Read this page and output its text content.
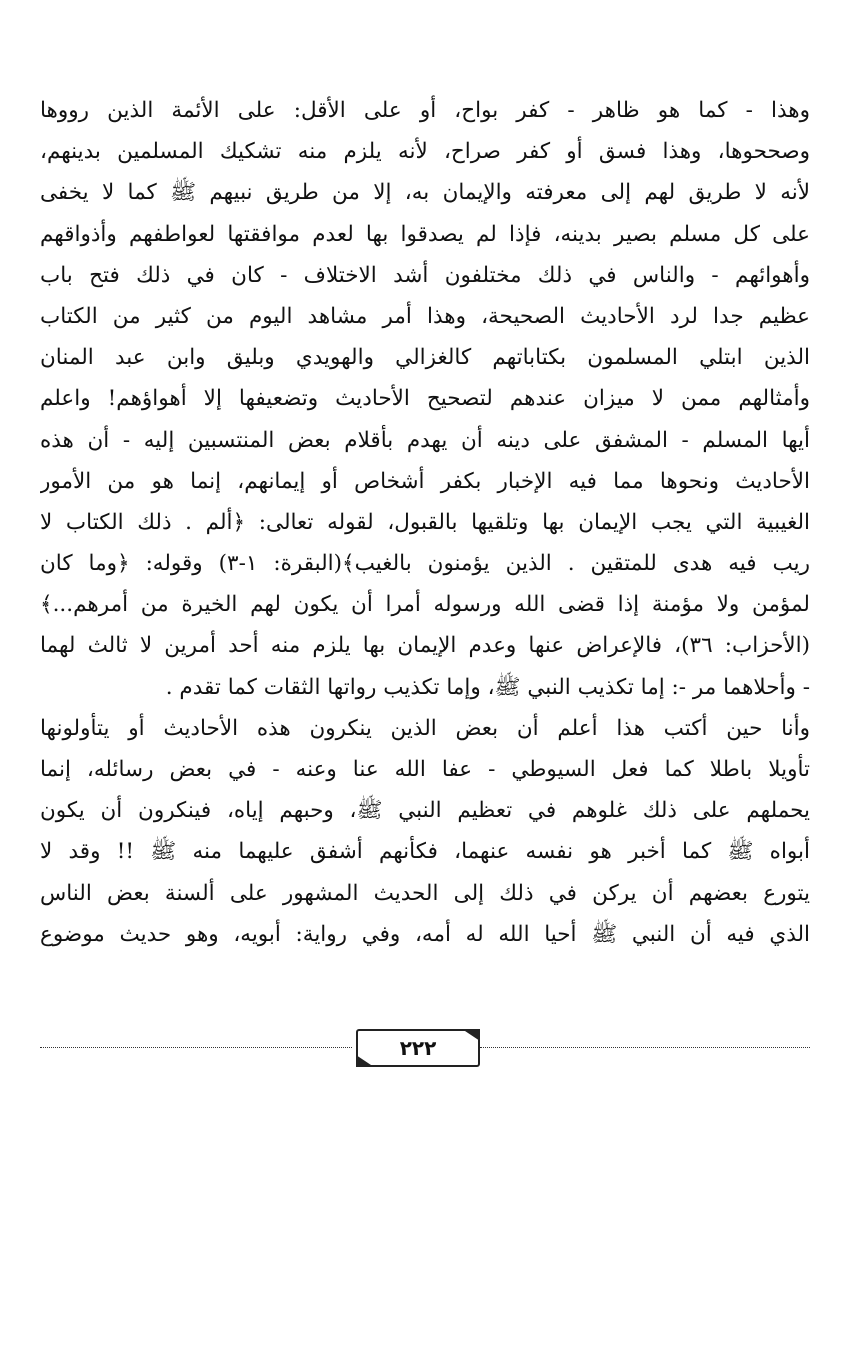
وهذا - كما هو ظاهر - كفر بواح، أو على الأقل: على الأئمة الذين رووها
وصححوها، وهذا فسق أو كفر صراح، لأنه يلزم منه تشكيك المسلمين بدينهم،
لأنه لا طريق لهم إلى معرفته والإيمان به، إلا من طريق نبيهم ﷺ كما لا يخفى
على كل مسلم بصير بدينه، فإذا لم يصدقوا بها لعدم موافقتها لعواطفهم وأذواقهم
وأهوائهم - والناس في ذلك مختلفون أشد الاختلاف - كان في ذلك فتح باب
عظيم جدا لرد الأحاديث الصحيحة، وهذا أمر مشاهد اليوم من كثير من الكتاب
الذين ابتلي المسلمون بكتاباتهم كالغزالي والهويدي وبليق وابن عبد المنان
وأمثالهم ممن لا ميزان عندهم لتصحيح الأحاديث وتضعيفها إلا أهواؤهم! واعلم
أيها المسلم - المشفق على دينه أن يهدم بأقلام بعض المنتسبين إليه - أن هذه
الأحاديث ونحوها مما فيه الإخبار بكفر أشخاص أو إيمانهم، إنما هو من الأمور
الغيبية التي يجب الإيمان بها وتلقيها بالقبول، لقوله تعالى: ﴿ألم . ذلك الكتاب لا
ريب فيه هدى للمتقين . الذين يؤمنون بالغيب﴾(البقرة: ١-٣) وقوله: ﴿وما كان
لمؤمن ولا مؤمنة إذا قضى الله ورسوله أمرا أن يكون لهم الخيرة من أمرهم...﴾
(الأحزاب: ٣٦)، فالإعراض عنها وعدم الإيمان بها يلزم منه أحد أمرين لا ثالث لهما
- وأحلاهما مر -: إما تكذيب النبي ﷺ، وإما تكذيب رواتها الثقات كما تقدم .
وأنا حين أكتب هذا أعلم أن بعض الذين ينكرون هذه الأحاديث أو يتأولونها
تأويلا باطلا كما فعل السيوطي - عفا الله عنا وعنه - في بعض رسائله، إنما
يحملهم على ذلك غلوهم في تعظيم النبي ﷺ، وحبهم إياه، فينكرون أن يكون
أبواه ﷺ كما أخبر هو نفسه عنهما، فكأنهم أشفق عليهما منه ﷺ !! وقد لا
يتورع بعضهم أن يركن في ذلك إلى الحديث المشهور على ألسنة بعض الناس
الذي فيه أن النبي ﷺ أحيا الله له أمه، وفي رواية: أبويه، وهو حديث موضوع
٢٢٢
